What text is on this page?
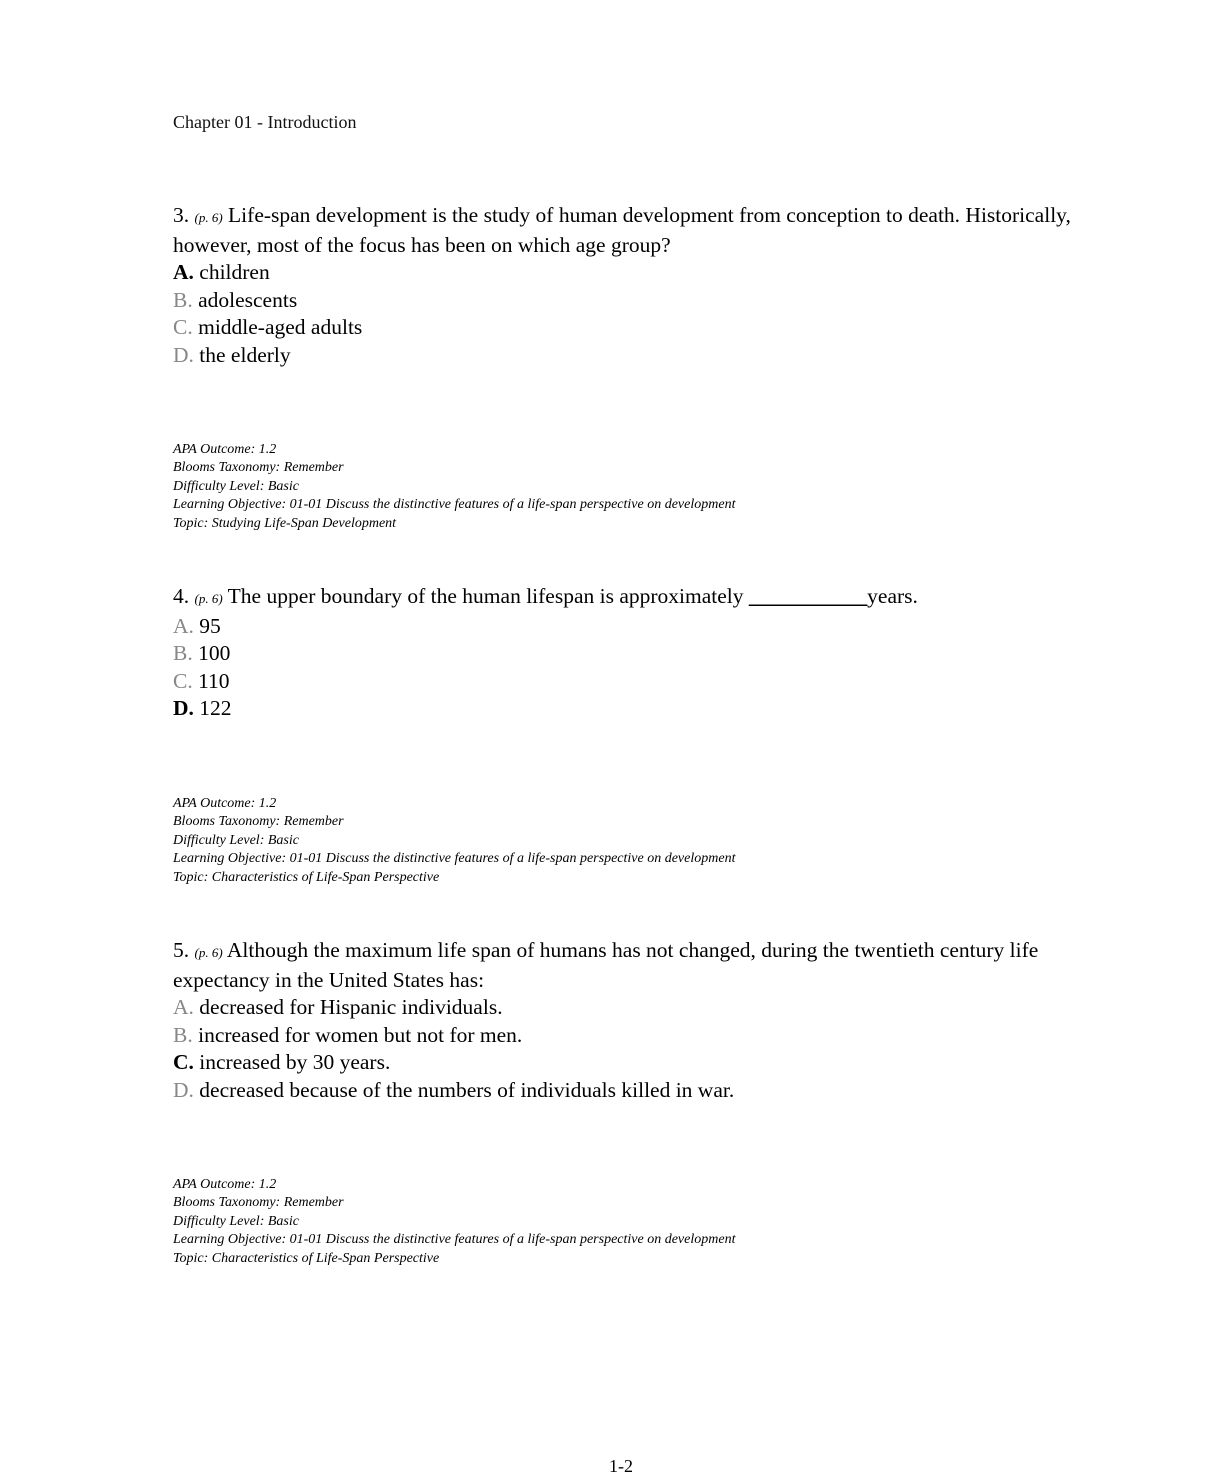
Chapter 01 - Introduction
3. (p. 6) Life-span development is the study of human development from conception to death. Historically, however, most of the focus has been on which age group?
A. children
B. adolescents
C. middle-aged adults
D. the elderly
APA Outcome: 1.2
Blooms Taxonomy: Remember
Difficulty Level: Basic
Learning Objective: 01-01 Discuss the distinctive features of a life-span perspective on development
Topic: Studying Life-Span Development
4. (p. 6) The upper boundary of the human lifespan is approximately ___________years.
A. 95
B. 100
C. 110
D. 122
APA Outcome: 1.2
Blooms Taxonomy: Remember
Difficulty Level: Basic
Learning Objective: 01-01 Discuss the distinctive features of a life-span perspective on development
Topic: Characteristics of Life-Span Perspective
5. (p. 6) Although the maximum life span of humans has not changed, during the twentieth century life expectancy in the United States has:
A. decreased for Hispanic individuals.
B. increased for women but not for men.
C. increased by 30 years.
D. decreased because of the numbers of individuals killed in war.
APA Outcome: 1.2
Blooms Taxonomy: Remember
Difficulty Level: Basic
Learning Objective: 01-01 Discuss the distinctive features of a life-span perspective on development
Topic: Characteristics of Life-Span Perspective
1-2
